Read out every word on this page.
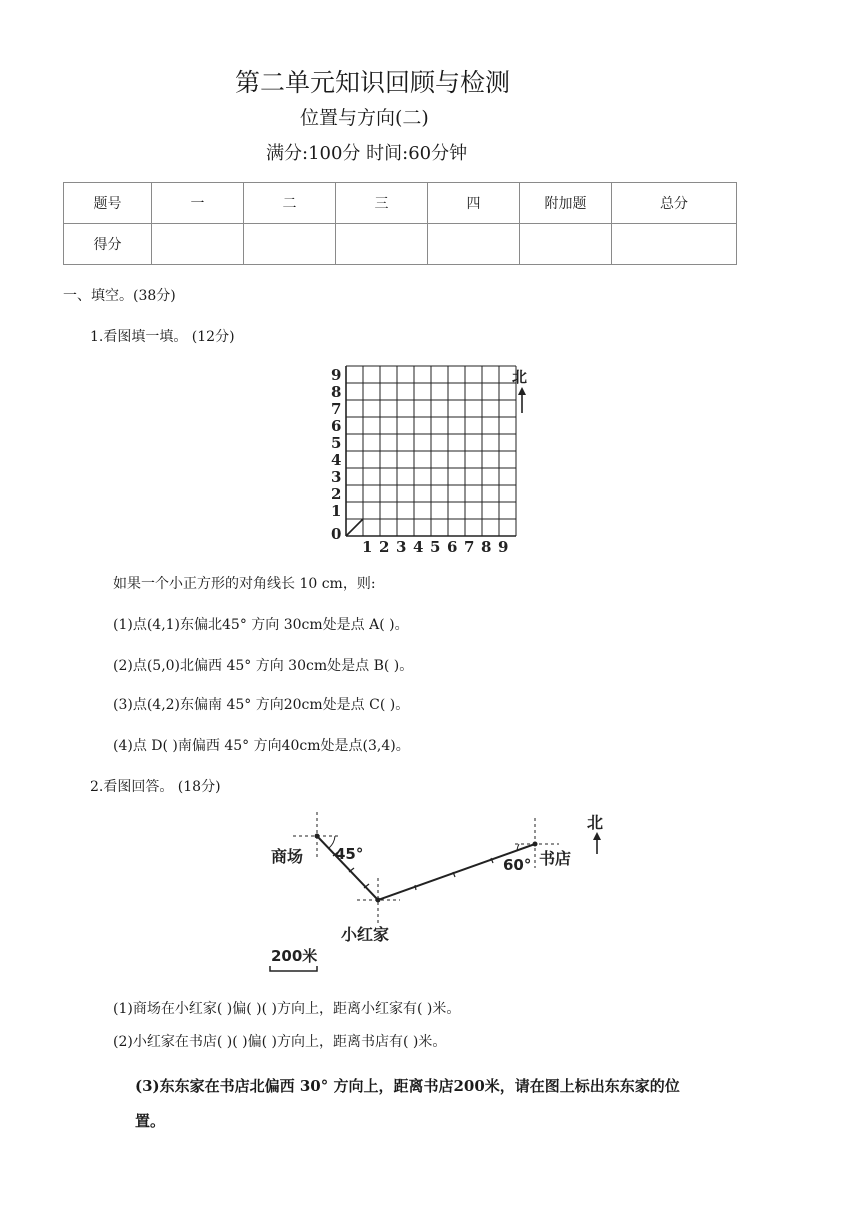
第二单元知识回顾与检测
位置与方向(二)
满分:100分 时间:60分钟
题号	一	二	三	四	附加题	总分
得分						
一、填空。(38分)
1.看图填一填。 (12分)
9
8
7
6
5
4
3
2
1
0
1 2 3 4 5 6 7 8 9
北
如果一个小正方形的对角线长 10 cm，则:
(1)点(4,1)东偏北45° 方向 30cm处是点 A( )。
(2)点(5,0)北偏西 45° 方向 30cm处是点 B( )。
(3)点(4,2)东偏南 45° 方向20cm处是点 C( )。
(4)点 D( )南偏西 45° 方向40cm处是点(3,4)。
2.看图回答。 (18分)
商场 45°
小红家
书店
60°
北
200米
(1)商场在小红家( )偏( )( )方向上，距离小红家有( )米。
(2)小红家在书店( )( )偏( )方向上，距离书店有( )米。
(3)东东家在书店北偏西 30° 方向上，距离书店200米，请在图上标出东东家的位
置。
